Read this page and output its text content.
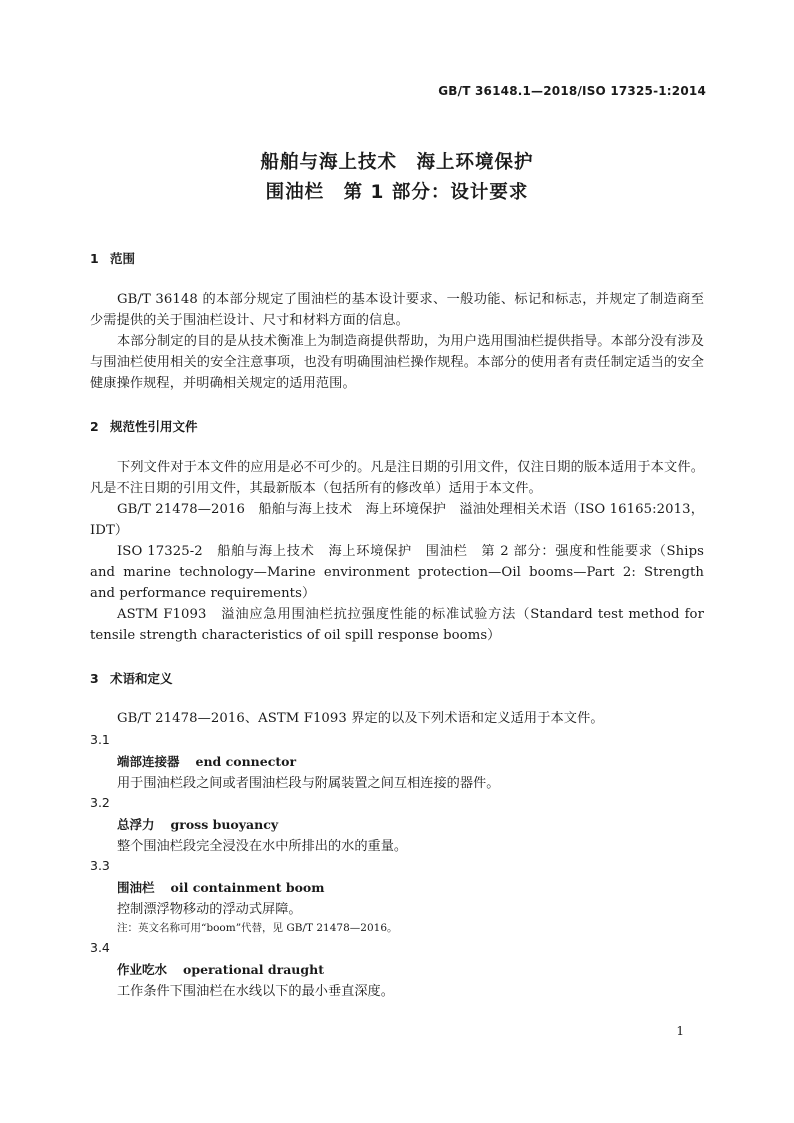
GB/T 36148.1—2018/ISO 17325-1:2014
船舶与海上技术　海上环境保护
围油栏　第 1 部分：设计要求
1 范围
GB/T 36148 的本部分规定了围油栏的基本设计要求、一般功能、标记和标志，并规定了制造商至少需提供的关于围油栏设计、尺寸和材料方面的信息。
本部分制定的目的是从技术衡准上为制造商提供帮助，为用户选用围油栏提供指导。本部分没有涉及与围油栏使用相关的安全注意事项，也没有明确围油栏操作规程。本部分的使用者有责任制定适当的安全健康操作规程，并明确相关规定的适用范围。
2 规范性引用文件
下列文件对于本文件的应用是必不可少的。凡是注日期的引用文件，仅注日期的版本适用于本文件。凡是不注日期的引用文件，其最新版本（包括所有的修改单）适用于本文件。
GB/T 21478—2016　船舶与海上技术　海上环境保护　溢油处理相关术语（ISO 16165:2013，IDT）
ISO 17325-2　船舶与海上技术　海上环境保护　围油栏　第 2 部分：强度和性能要求（Ships and marine technology—Marine environment protection—Oil booms—Part 2: Strength and performance requirements）
ASTM F1093　溢油应急用围油栏抗拉强度性能的标准试验方法（Standard test method for tensile strength characteristics of oil spill response booms）
3 术语和定义
GB/T 21478—2016、ASTM F1093 界定的以及下列术语和定义适用于本文件。
3.1
端部连接器 end connector
用于围油栏段之间或者围油栏段与附属装置之间互相连接的器件。
3.2
总浮力 gross buoyancy
整个围油栏段完全浸没在水中所排出的水的重量。
3.3
围油栏 oil containment boom
控制漂浮物移动的浮动式屏障。
注：英文名称可用“boom”代替，见 GB/T 21478—2016。
3.4
作业吃水 operational draught
工作条件下围油栏在水线以下的最小垂直深度。
1
